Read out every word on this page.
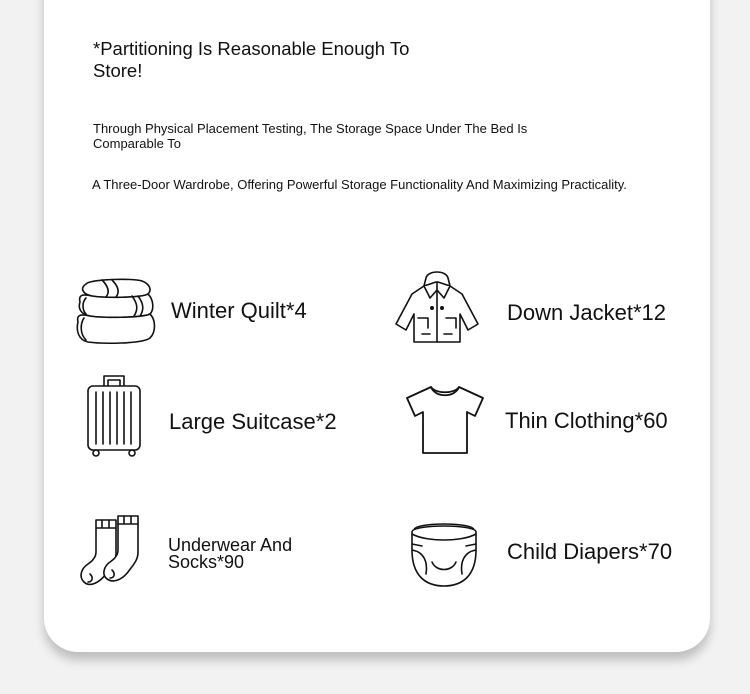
*Partitioning Is Reasonable Enough To Store!
Through Physical Placement Testing, The Storage Space Under The Bed Is Comparable To
A Three-Door Wardrobe, Offering Powerful Storage Functionality And Maximizing Practicality.
Winter Quilt*4	Down Jacket*12
Large Suitcase*2	Thin Clothing*60
Underwear And Socks*90	Child Diapers*70
